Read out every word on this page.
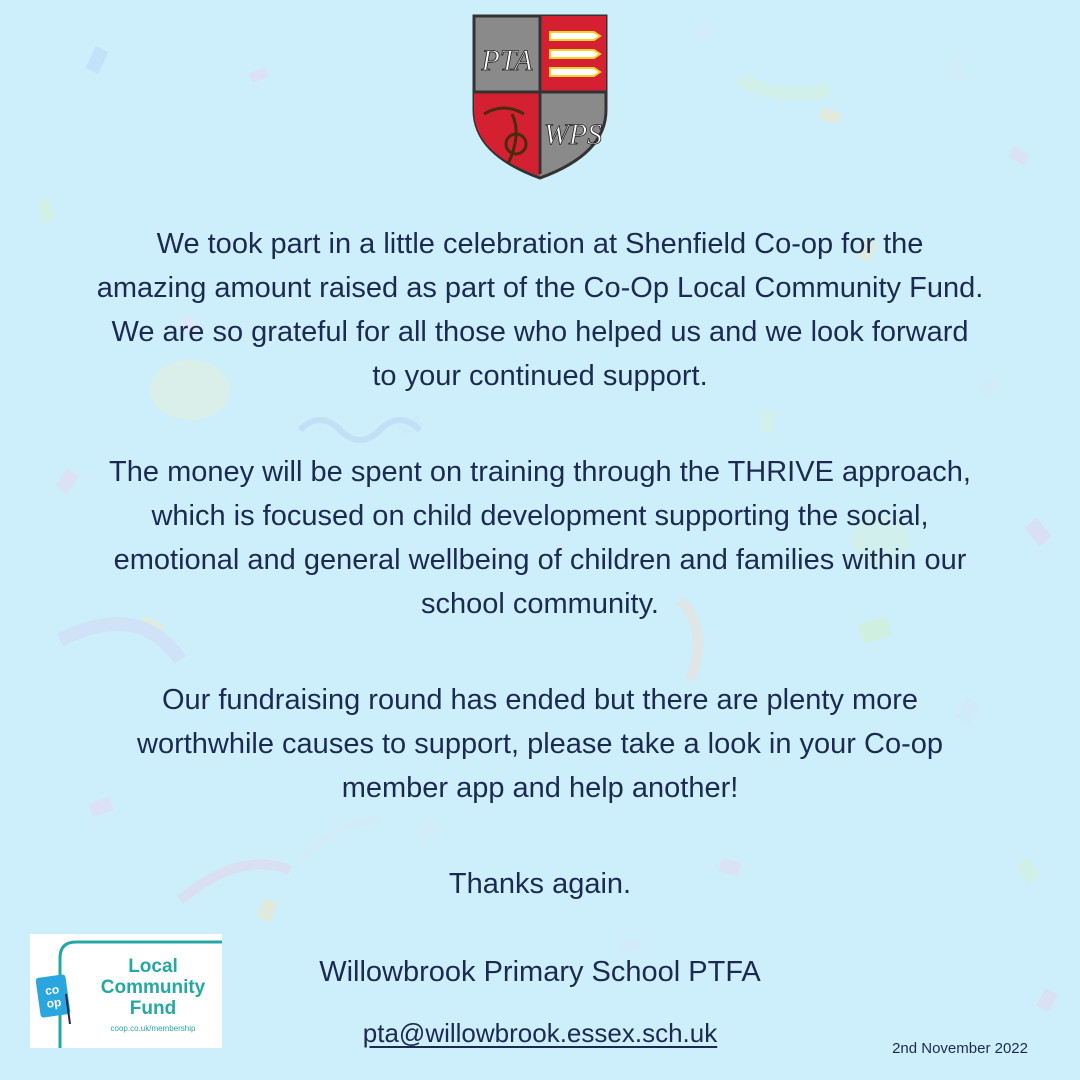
PTA
WPS

We took part in a little celebration at Shenfield Co-op for the
amazing amount raised as part of the Co-Op Local Community Fund.
We are so grateful for all those who helped us and we look forward
to your continued support.

The money will be spent on training through the THRIVE approach,
which is focused on child development supporting the social,
emotional and general wellbeing of children and families within our
school community.

Our fundraising round has ended but there are plenty more
worthwhile causes to support, please take a look in your Co-op
member app and help another!

Thanks again.

co
op
Local
Community
Fund
coop.co.uk/membership

Willowbrook Primary School PTFA

pta@willowbrook.essex.sch.uk
2nd November 2022
